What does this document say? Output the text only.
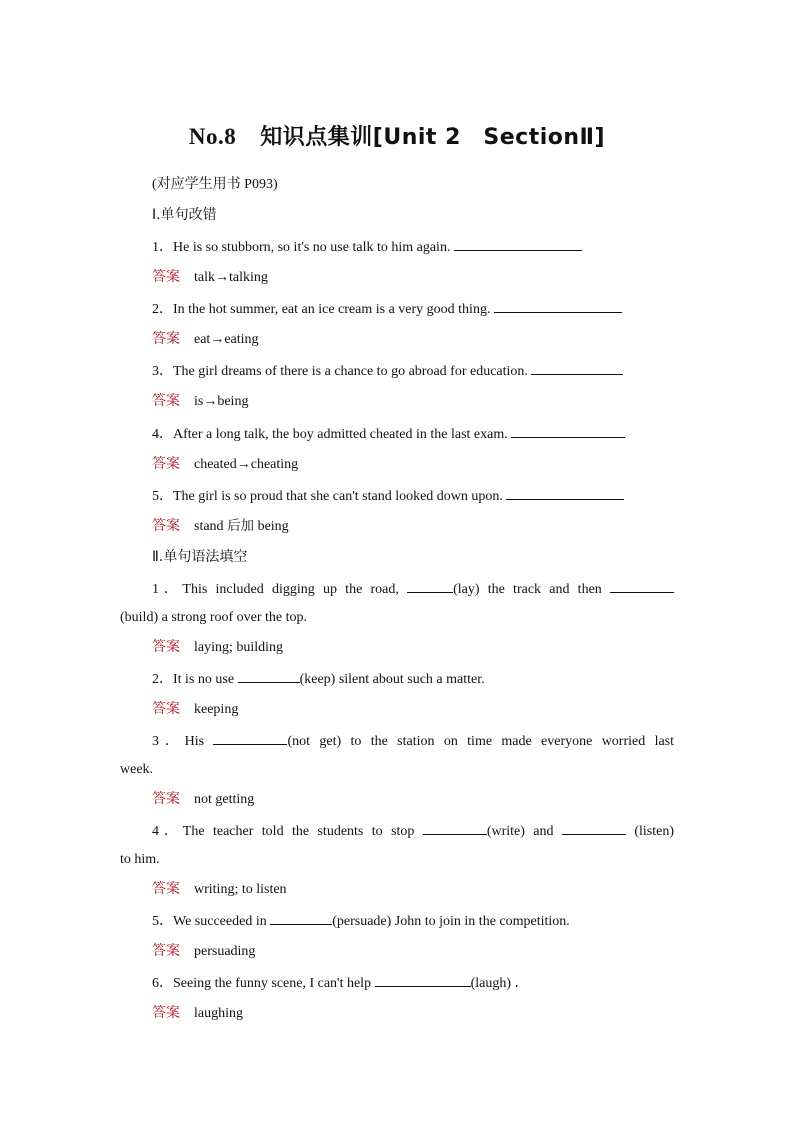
No.8 知识点集训[Unit 2　SectionⅡ]
(对应学生用书 P093)
Ⅰ.单句改错
1．He is so stubborn, so it's no use talk to him again.
答案 talk→talking
2．In the hot summer, eat an ice cream is a very good thing.
答案 eat→eating
3．The girl dreams of there is a chance to go abroad for education.
答案 is→being
4．After a long talk, the boy admitted cheated in the last exam.
答案 cheated→cheating
5．The girl is so proud that she can't stand looked down upon.
答案 stand 后加 being
Ⅱ.单句语法填空
1．This included digging up the road,	(lay) the track and then
(build) a strong roof over the top.
答案 laying; building
2．It is no use	(keep) silent about such a matter.
答案 keeping
3．His	(not get) to the station on time made everyone worried last
week.
答案 not getting
4．The teacher told the students to stop	(write) and	(listen)
to him.
答案 writing; to listen
5．We succeeded in	(persuade) John to join in the competition.
答案 persuading
6．Seeing the funny scene, I can't help	(laugh) ．
答案 laughing
